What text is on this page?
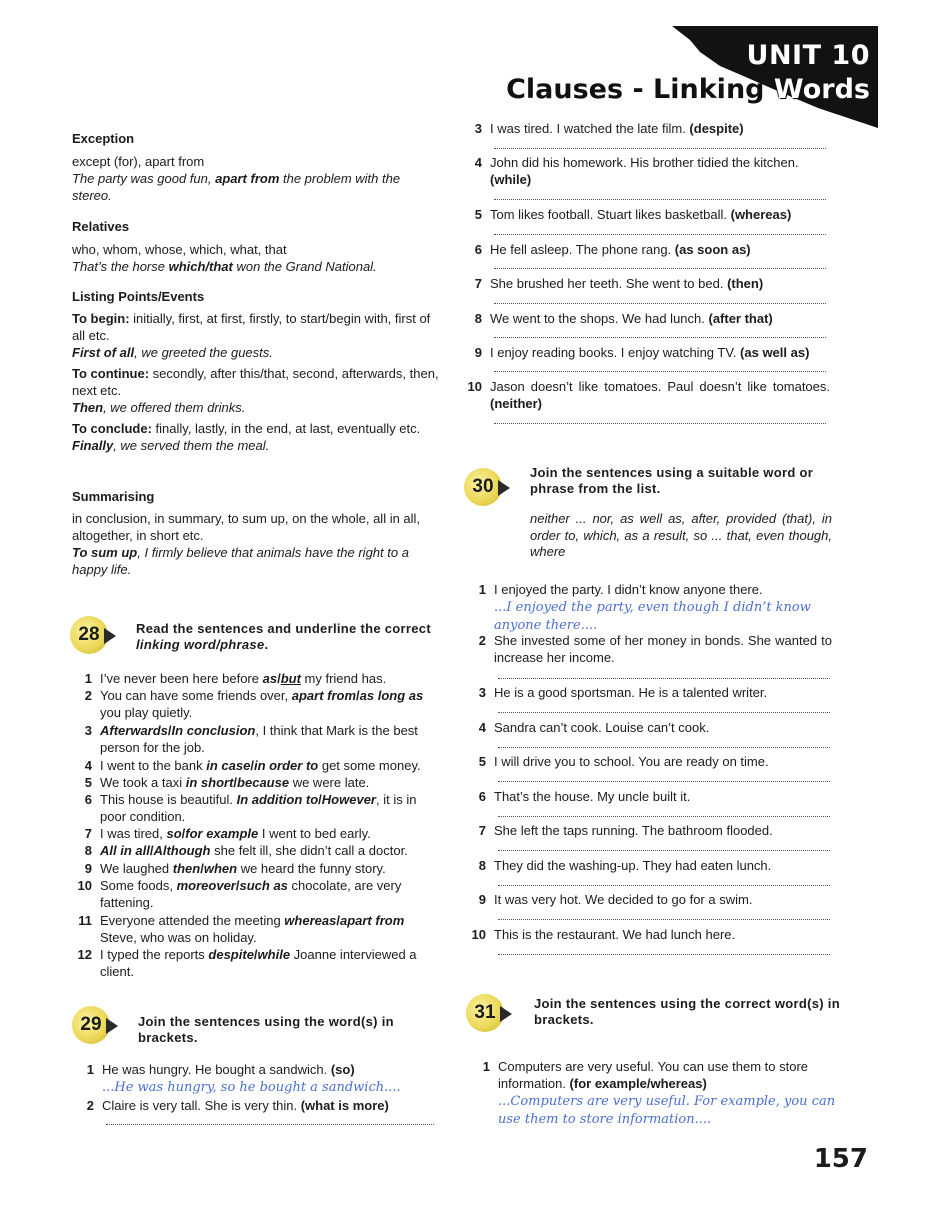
UNIT 10
Clauses - Linking Words

Exception

except (for), apart from

The party was good fun, apart from the problem with the stereo.

Relatives

who, whom, whose, which, what, that

That’s the horse which/that won the Grand National.

Listing Points/Events

To begin: initially, first, at first, firstly, to start/begin with, first of all etc.

First of all, we greeted the guests.

To continue: secondly, after this/that, second, afterwards, then, next etc.

Then, we offered them drinks.

To conclude: finally, lastly, in the end, at last, eventually etc.

Finally, we served them the meal.

Summarising

in conclusion, in summary, to sum up, on the whole, all in all, altogether, in short etc.

To sum up, I firmly believe that animals have the right to a happy life.

28	Read the sentences and underline the correct linking word/phrase.
1 I’ve never been here before as/but my friend has.
2 You can have some friends over, apart from/as long as you play quietly.
3 Afterwards/In conclusion, I think that Mark is the best person for the job.
4 I went to the bank in case/in order to get some money.
5 We took a taxi in short/because we were late.
6 This house is beautiful. In addition to/However, it is in poor condition.
7 I was tired, so/for example I went to bed early.
8 All in all/Although she felt ill, she didn’t call a doctor.
9 We laughed then/when we heard the funny story.
10 Some foods, moreover/such as chocolate, are very fattening.
11 Everyone attended the meeting whereas/apart from Steve, who was on holiday.
12 I typed the reports despite/while Joanne interviewed a client.
29	Join the sentences using the word(s) in brackets.
1 He was hungry. He bought a sandwich. (so)
...He was hungry, so he bought a sandwich....
2 Claire is very tall. She is very thin. (what is more)
3 I was tired. I watched the late film. (despite)
4 John did his homework. His brother tidied the kitchen. (while)
5 Tom likes football. Stuart likes basketball. (whereas)
6 He fell asleep. The phone rang. (as soon as)
7 She brushed her teeth. She went to bed. (then)
8 We went to the shops. We had lunch. (after that)
9 I enjoy reading books. I enjoy watching TV. (as well as)
10 Jason doesn’t like tomatoes. Paul doesn’t like tomatoes. (neither)
30
Join the sentences using a suitable word or phrase from the list.
neither ... nor, as well as, after, provided (that), in order to, which, as a result, so ... that, even though, where
1 I enjoyed the party. I didn’t know anyone there.
...I enjoyed the party, even though I didn’t know anyone there....
2 She invested some of her money in bonds. She wanted to increase her income.
3 He is a good sportsman. He is a talented writer.
4 Sandra can’t cook. Louise can’t cook.
5 I will drive you to school. You are ready on time.
6 That’s the house. My uncle built it.
7 She left the taps running. The bathroom flooded.
8 They did the washing-up. They had eaten lunch.
9 It was very hot. We decided to go for a swim.
10 This is the restaurant. We had lunch here.
31	Join the sentences using the correct word(s) in brackets.
1 Computers are very useful. You can use them to store information. (for example/whereas)
...Computers are very useful. For example, you can use them to store information....
157
